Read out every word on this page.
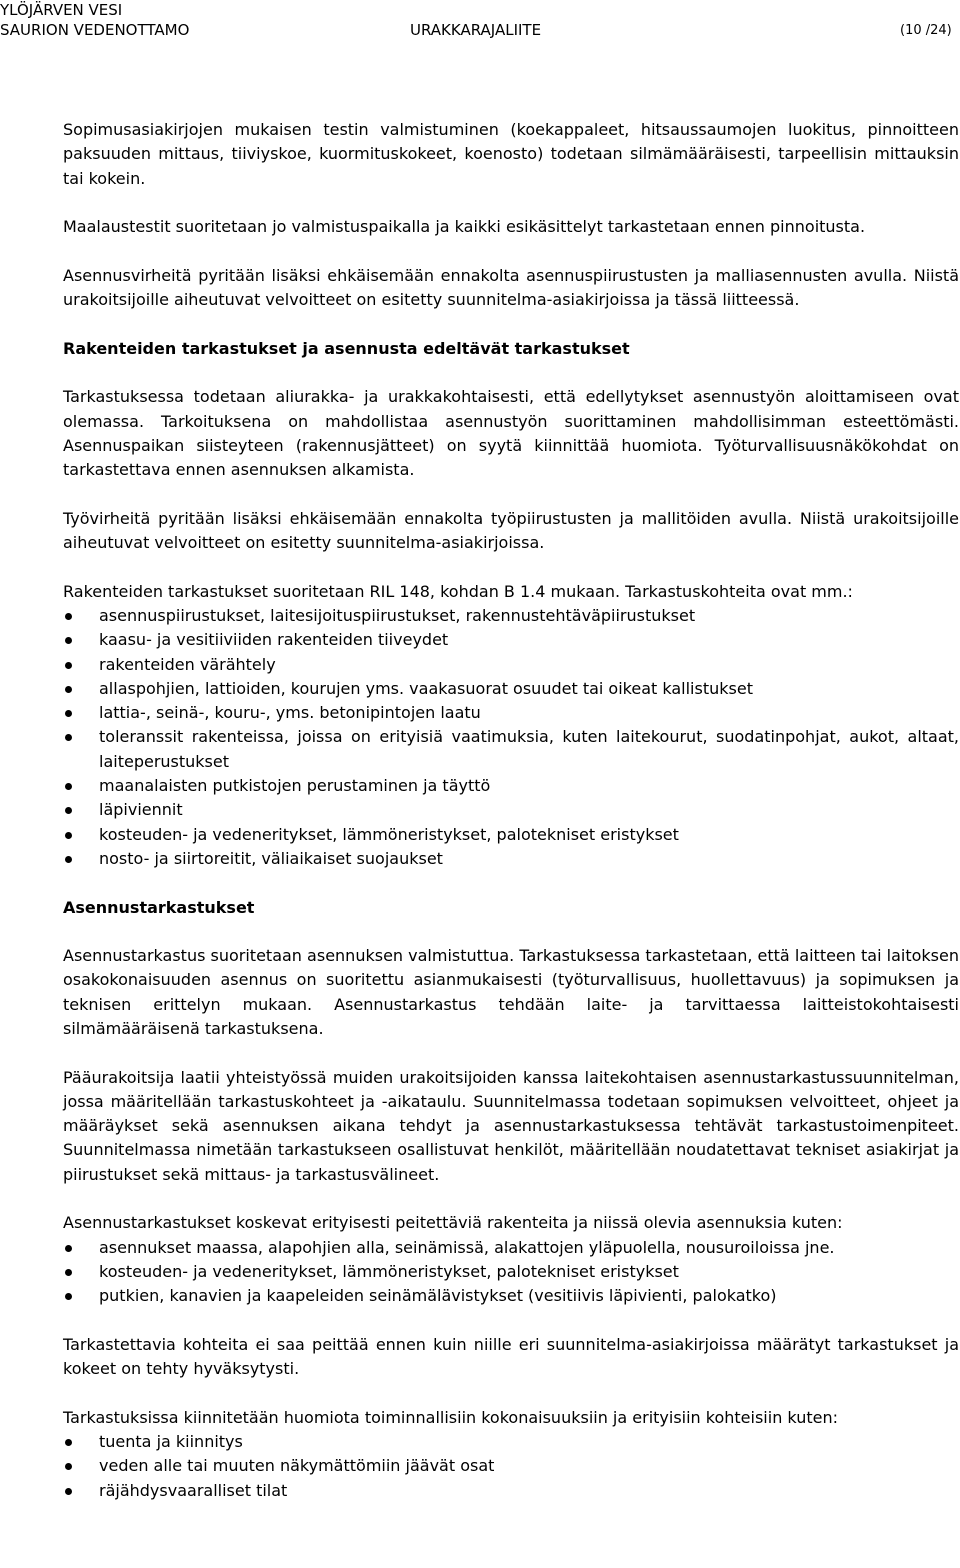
YLÖJÄRVEN VESI
SAURION VEDENOTTAMO	URAKKARAJALIITE	(10 /24)

Sopimusasiakirjojen mukaisen testin valmistuminen (koekappaleet, hitsaussaumojen luokitus, pinnoitteen paksuuden mittaus, tiiviyskoe, kuormituskokeet, koenosto) todetaan silmämääräisesti, tarpeellisin mittauksin tai kokein.

Maalaustestit suoritetaan jo valmistuspaikalla ja kaikki esikäsittelyt tarkastetaan ennen pinnoitusta.

Asennusvirheitä pyritään lisäksi ehkäisemään ennakolta asennuspiirustusten ja malliasennusten avulla. Niistä urakoitsijoille aiheutuvat velvoitteet on esitetty suunnitelma-asiakirjoissa ja tässä liitteessä.

Rakenteiden tarkastukset ja asennusta edeltävät tarkastukset

Tarkastuksessa todetaan aliurakka- ja urakkakohtaisesti, että edellytykset asennustyön aloittamiseen ovat olemassa. Tarkoituksena on mahdollistaa asennustyön suorittaminen mahdollisimman esteettömästi. Asennuspaikan siisteyteen (rakennusjätteet) on syytä kiinnittää huomiota. Työturvallisuusnäkökohdat on tarkastettava ennen asennuksen alkamista.

Työvirheitä pyritään lisäksi ehkäisemään ennakolta työpiirustusten ja mallitöiden avulla. Niistä urakoitsijoille aiheutuvat velvoitteet on esitetty suunnitelma-asiakirjoissa.

Rakenteiden tarkastukset suoritetaan RIL 148, kohdan B 1.4 mukaan. Tarkastuskohteita ovat mm.:

asennuspiirustukset, laitesijoituspiirustukset, rakennustehtäväpiirustukset
kaasu- ja vesitiiviiden rakenteiden tiiveydet
rakenteiden värähtely
allaspohjien, lattioiden, kourujen yms. vaakasuorat osuudet tai oikeat kallistukset
lattia-, seinä-, kouru-, yms. betonipintojen laatu
toleranssit rakenteissa, joissa on erityisiä vaatimuksia, kuten laitekourut, suodatinpohjat, aukot, altaat, laiteperustukset
maanalaisten putkistojen perustaminen ja täyttö
läpiviennit
kosteuden- ja vedeneritykset, lämmöneristykset, palotekniset eristykset
nosto- ja siirtoreitit, väliaikaiset suojaukset
Asennustarkastukset

Asennustarkastus suoritetaan asennuksen valmistuttua. Tarkastuksessa tarkastetaan, että laitteen tai laitoksen osakokonaisuuden asennus on suoritettu asianmukaisesti (työturvallisuus, huollettavuus) ja sopimuksen ja teknisen erittelyn mukaan. Asennustarkastus tehdään laite- ja tarvittaessa laitteistokohtaisesti silmämääräisenä tarkastuksena.

Pääurakoitsija laatii yhteistyössä muiden urakoitsijoiden kanssa laitekohtaisen asennustarkastussuunnitelman, jossa määritellään tarkastuskohteet ja -aikataulu. Suunnitelmassa todetaan sopimuksen velvoitteet, ohjeet ja määräykset sekä asennuksen aikana tehdyt ja asennustarkastuksessa tehtävät tarkastustoimenpiteet. Suunnitelmassa nimetään tarkastukseen osallistuvat henkilöt, määritellään noudatettavat tekniset asiakirjat ja piirustukset sekä mittaus- ja tarkastusvälineet.

Asennustarkastukset koskevat erityisesti peitettäviä rakenteita ja niissä olevia asennuksia kuten:

asennukset maassa, alapohjien alla, seinämissä, alakattojen yläpuolella, nousuroiloissa jne.
kosteuden- ja vedeneritykset, lämmöneristykset, palotekniset eristykset
putkien, kanavien ja kaapeleiden seinämälävistykset (vesitiivis läpivienti, palokatko)

Tarkastettavia kohteita ei saa peittää ennen kuin niille eri suunnitelma-asiakirjoissa määrätyt tarkastukset ja kokeet on tehty hyväksytysti.

Tarkastuksissa kiinnitetään huomiota toiminnallisiin kokonaisuuksiin ja erityisiin kohteisiin kuten:

tuenta ja kiinnitys
veden alle tai muuten näkymättömiin jäävät osat
räjähdysvaaralliset tilat
